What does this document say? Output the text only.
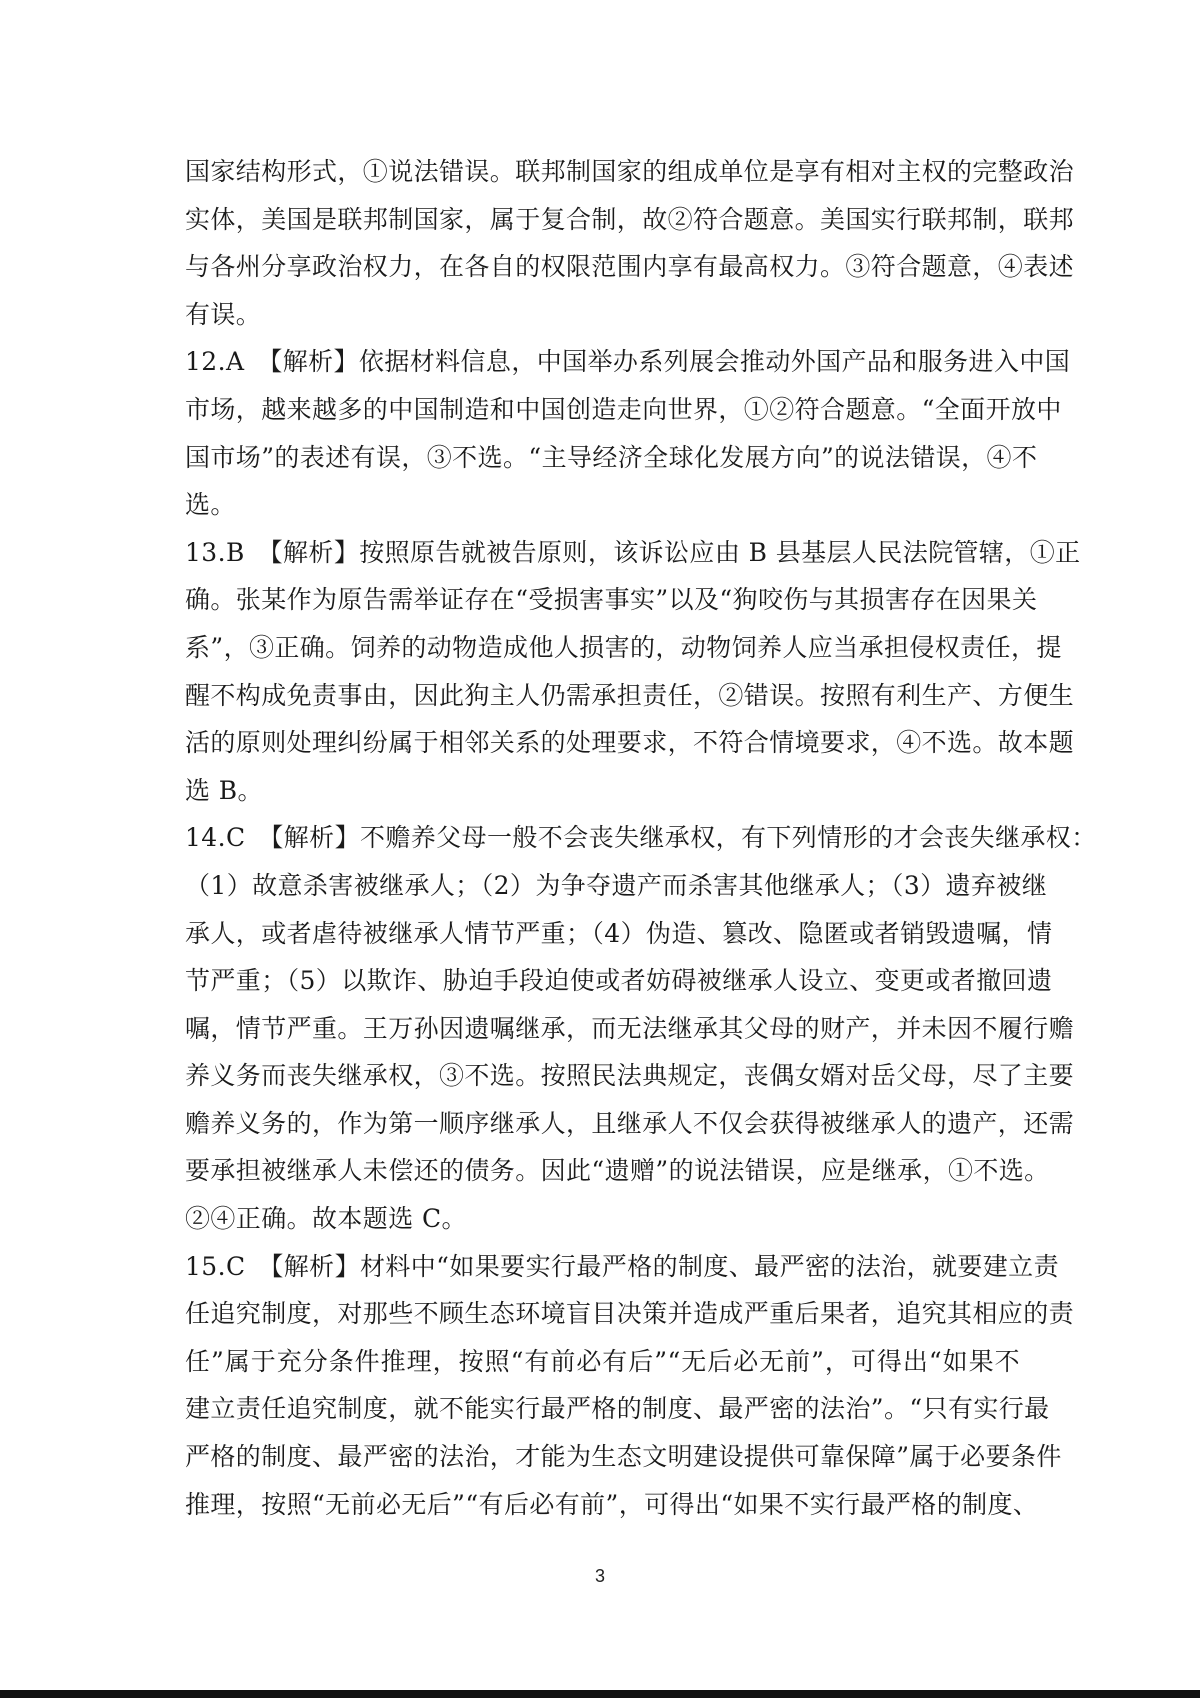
国家结构形式，①说法错误。联邦制国家的组成单位是享有相对主权的完整政治
实体，美国是联邦制国家，属于复合制，故②符合题意。美国实行联邦制，联邦
与各州分享政治权力，在各自的权限范围内享有最高权力。③符合题意，④表述
有误。
12.A　【解析】依据材料信息，中国举办系列展会推动外国产品和服务进入中国
市场，越来越多的中国制造和中国创造走向世界，①②符合题意。“全面开放中
国市场”的表述有误，③不选。“主导经济全球化发展方向”的说法错误，④不
选。
13.B　【解析】按照原告就被告原则，该诉讼应由 B 县基层人民法院管辖，①正
确。张某作为原告需举证存在“受损害事实”以及“狗咬伤与其损害存在因果关
系”，③正确。饲养的动物造成他人损害的，动物饲养人应当承担侵权责任，提
醒不构成免责事由，因此狗主人仍需承担责任，②错误。按照有利生产、方便生
活的原则处理纠纷属于相邻关系的处理要求，不符合情境要求，④不选。故本题
选 B。
14.C　【解析】不赡养父母一般不会丧失继承权，有下列情形的才会丧失继承权：
（1）故意杀害被继承人；（2）为争夺遗产而杀害其他继承人；（3）遗弃被继
承人，或者虐待被继承人情节严重；（4）伪造、篡改、隐匿或者销毁遗嘱，情
节严重；（5）以欺诈、胁迫手段迫使或者妨碍被继承人设立、变更或者撤回遗
嘱，情节严重。王万孙因遗嘱继承，而无法继承其父母的财产，并未因不履行赡
养义务而丧失继承权，③不选。按照民法典规定，丧偶女婿对岳父母，尽了主要
赡养义务的，作为第一顺序继承人，且继承人不仅会获得被继承人的遗产，还需
要承担被继承人未偿还的债务。因此“遗赠”的说法错误，应是继承，①不选。
②④正确。故本题选 C。
15.C　【解析】材料中“如果要实行最严格的制度、最严密的法治，就要建立责
任追究制度，对那些不顾生态环境盲目决策并造成严重后果者，追究其相应的责
任”属于充分条件推理，按照“有前必有后”“无后必无前”，可得出“如果不
建立责任追究制度，就不能实行最严格的制度、最严密的法治”。“只有实行最
严格的制度、最严密的法治，才能为生态文明建设提供可靠保障”属于必要条件
推理，按照“无前必无后”“有后必有前”，可得出“如果不实行最严格的制度、
3
